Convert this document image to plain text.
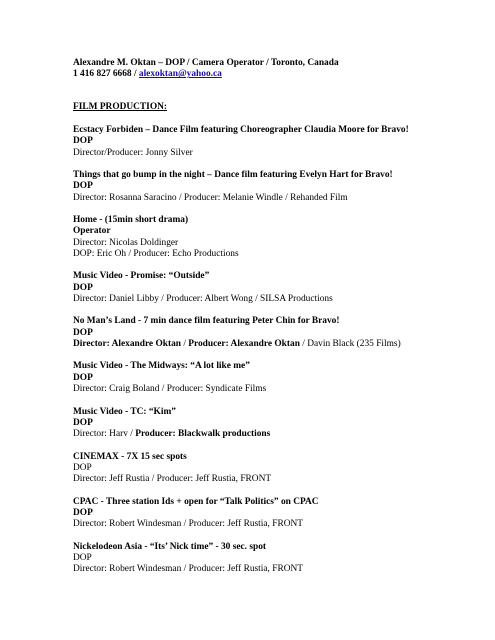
Alexandre M. Oktan – DOP / Camera Operator / Toronto, Canada
1 416 827 6668 / alexoktan@yahoo.ca
FILM PRODUCTION:
Ecstacy Forbiden – Dance Film featuring Choreographer Claudia Moore for Bravo!
DOP
Director/Producer: Jonny Silver
Things that go bump in the night – Dance film featuring Evelyn Hart for Bravo!
DOP
Director: Rosanna Saracino / Producer: Melanie Windle / Rehanded Film
Home - (15min short drama)
Operator
Director: Nicolas Doldinger
DOP: Eric Oh / Producer: Echo Productions
Music Video - Promise: “Outside”
DOP
Director: Daniel Libby / Producer: Albert Wong / SILSA Productions
No Man’s Land - 7 min dance film featuring Peter Chin for Bravo!
DOP
Director: Alexandre Oktan / Producer: Alexandre Oktan / Davin Black (235 Films)
Music Video - The Midways: “A lot like me”
DOP
Director: Craig Boland / Producer: Syndicate Films
Music Video - TC: “Kim”
DOP
Director: Harv / Producer: Blackwalk productions
CINEMAX - 7X 15 sec spots
DOP
Director: Jeff Rustia / Producer: Jeff Rustia, FRONT
CPAC - Three station Ids + open for “Talk Politics” on CPAC
DOP
Director: Robert Windesman / Producer: Jeff Rustia, FRONT
Nickelodeon Asia - “Its’ Nick time” - 30 sec. spot
DOP
Director: Robert Windesman / Producer: Jeff Rustia, FRONT
